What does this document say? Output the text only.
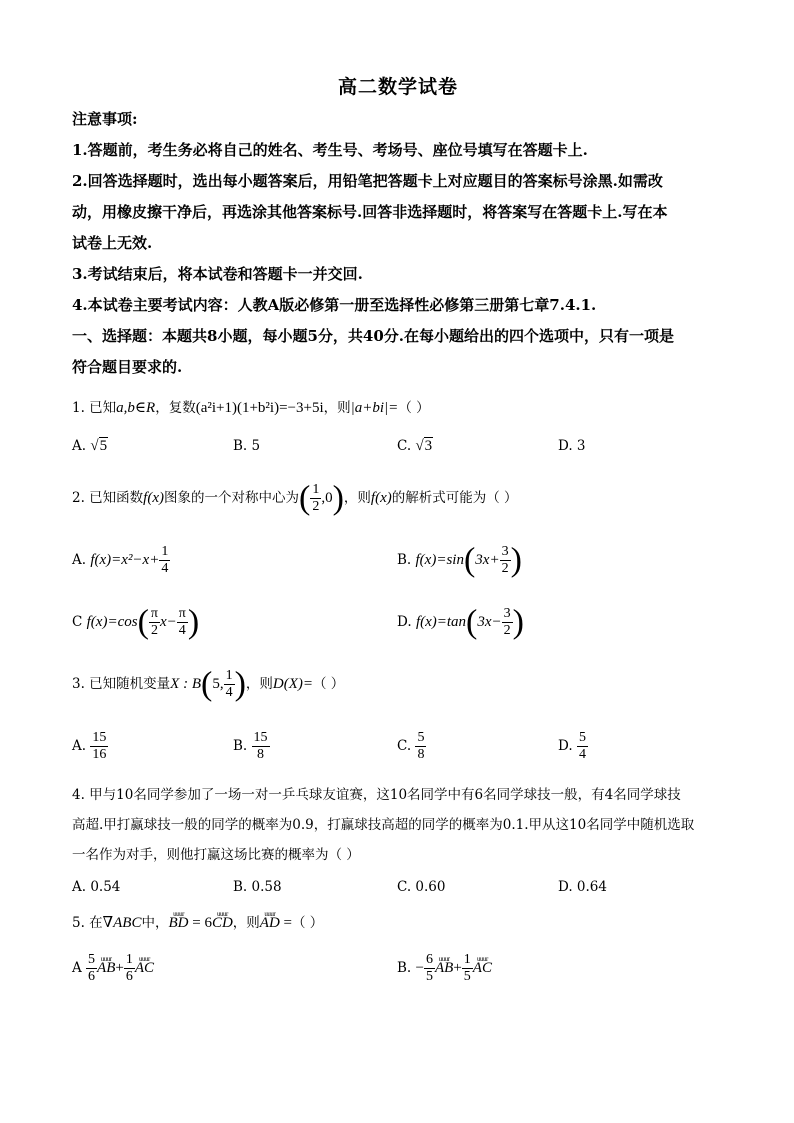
高二数学试卷
注意事项:
1.答题前，考生务必将自己的姓名、考生号、考场号、座位号填写在答题卡上.
2.回答选择题时，选出每小题答案后，用铅笔把答题卡上对应题目的答案标号涂黑.如需改
动，用橡皮擦干净后，再选涂其他答案标号.回答非选择题时，将答案写在答题卡上.写在本
试卷上无效.
3.考试结束后，将本试卷和答题卡一并交回.
4.本试卷主要考试内容：人教A版必修第一册至选择性必修第三册第七章7.4.1.
一、选择题：本题共8小题，每小题5分，共40分.在每小题给出的四个选项中，只有一项是
符合题目要求的.
1. 已知a,b∈R，复数(a²i+1)(1+b²i)=−3+5i，则|a+bi|=（ ）
A. √5	B. 5	C. √3	D. 3
2. 已知函数f(x)图象的一个对称中心为( $\frac{1}{2} ,0$)，则f(x)的解析式可能为（ ）
A. $f(x)=x^2-x+ \frac{1}{4}$	B. $f(x)=\sin(3x+ \frac{3}{2}$ )
C $f(x)=\cos( \frac{\pi}{2} x- \frac{\pi}{4}$ )	D. $f(x)=\tan(3x- \frac{3}{2}$ )
3. 已知随机变量X : B(5, $\frac{1}{4}$ )，则D(X)=（ ）
A. $\frac{15}{16}$	B. $\frac{15}{8}$	C. $\frac{5}{8}$	D. $\frac{5}{4}$
4. 甲与10名同学参加了一场一对一乒乓球友谊赛，这10名同学中有6名同学球技一般，有4名同学球技
高超.甲打赢球技一般的同学的概率为0.9，打赢球技高超的同学的概率为0.1.甲从这10名同学中随机选取
一名作为对手，则他打赢这场比赛的概率为（ ）
A. 0.54	B. 0.58	C. 0.60	D. 0.64
5. 在∇ABC中，uuur BD = 6uuur CD，则uuur AD =（ ）
A $\frac{5}{6}$ uuur $AB+ \frac{1}{6}$ uuur AC	B. − $\frac{6}{5}$ uuur $AB+ \frac{1}{5}$ uuur AC
